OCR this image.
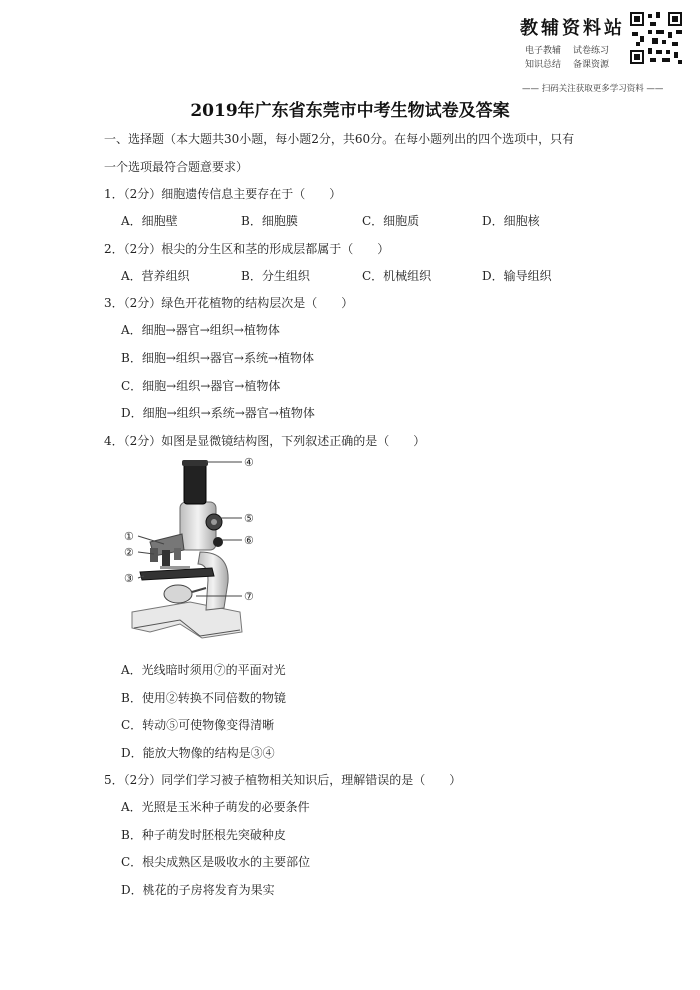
教辅资料站
电子教辅 试卷练习
知识总结 备课资源
—— 扫码关注获取更多学习资料 ——
2019年广东省东莞市中考生物试卷及答案
一、选择题（本大题共30小题，每小题2分，共60分。在每小题列出的四个选项中，只有
一个选项最符合题意要求）
1．（2分）细胞遗传信息主要存在于（　　）
A．细胞壁	B．细胞膜	C．细胞质	D．细胞核
2．（2分）根尖的分生区和茎的形成层都属于（　　）
A．营养组织	B．分生组织	C．机械组织	D．输导组织
3．（2分）绿色开花植物的结构层次是（　　）
A．细胞→器官→组织→植物体
B．细胞→组织→器官→系统→植物体
C．细胞→组织→器官→植物体
D．细胞→组织→系统→器官→植物体
4．（2分）如图是显微镜结构图，下列叙述正确的是（　　）
④
⑤
⑥
⑦
①
②
③
A．光线暗时须用⑦的平面对光
B．使用②转换不同倍数的物镜
C．转动⑤可使物像变得清晰
D．能放大物像的结构是③④
5．（2分）同学们学习被子植物相关知识后，理解错误的是（　　）
A．光照是玉米种子萌发的必要条件
B．种子萌发时胚根先突破种皮
C．根尖成熟区是吸收水的主要部位
D．桃花的子房将发育为果实
